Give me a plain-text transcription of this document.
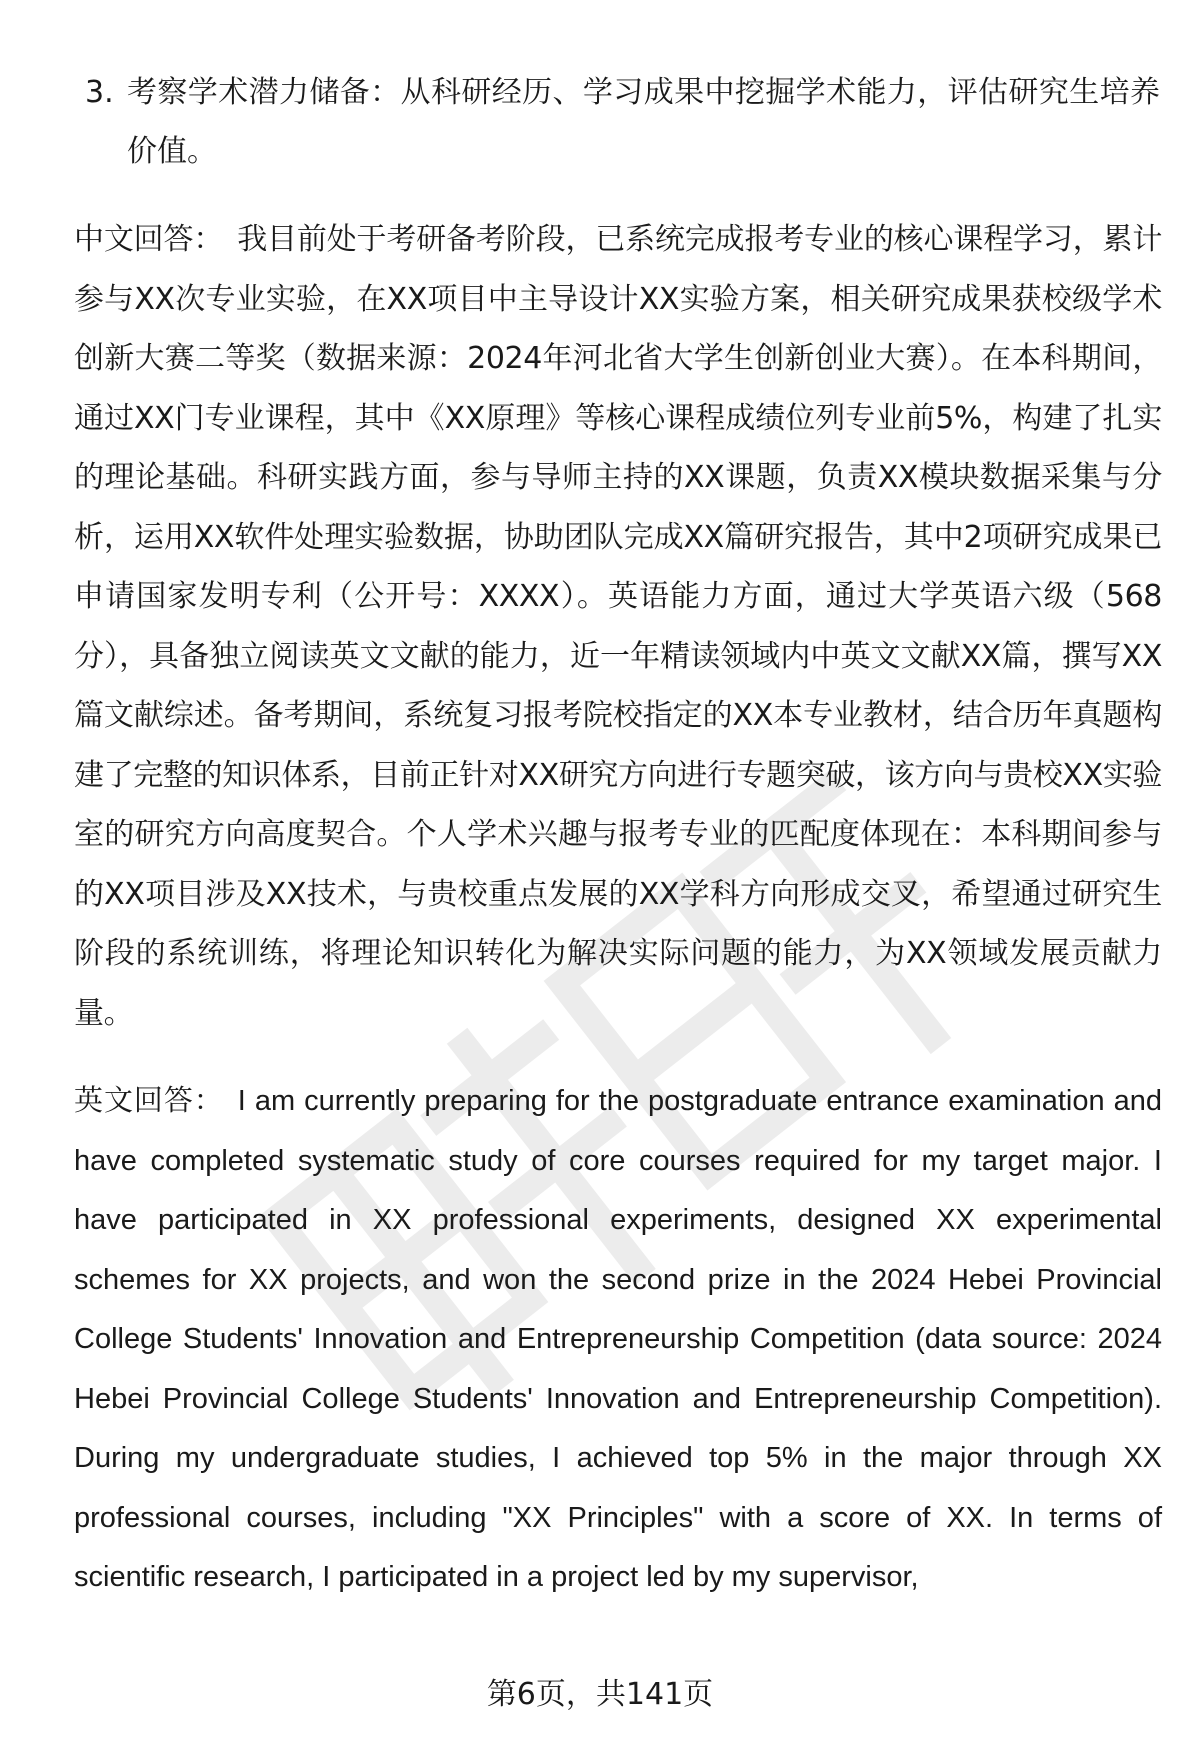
3. 考察学术潜力储备：从科研经历、学习成果中挖掘学术能力，评估研究生培养价值。

中文回答： 我目前处于考研备考阶段，已系统完成报考专业的核心课程学习，累计参与XX次专业实验，在XX项目中主导设计XX实验方案，相关研究成果获校级学术创新大赛二等奖（数据来源：2024年河北省大学生创新创业大赛）。在本科期间，通过XX门专业课程，其中《XX原理》等核心课程成绩位列专业前5%，构建了扎实的理论基础。科研实践方面，参与导师主持的XX课题，负责XX模块数据采集与分析，运用XX软件处理实验数据，协助团队完成XX篇研究报告，其中2项研究成果已申请国家发明专利（公开号：XXXX）。英语能力方面，通过大学英语六级（568分），具备独立阅读英文文献的能力，近一年精读领域内中英文文献XX篇，撰写XX篇文献综述。备考期间，系统复习报考院校指定的XX本专业教材，结合历年真题构建了完整的知识体系，目前正针对XX研究方向进行专题突破，该方向与贵校XX实验室的研究方向高度契合。个人学术兴趣与报考专业的匹配度体现在：本科期间参与的XX项目涉及XX技术，与贵校重点发展的XX学科方向形成交叉，希望通过研究生阶段的系统训练，将理论知识转化为解决实际问题的能力，为XX领域发展贡献力量。

英文回答： I am currently preparing for the postgraduate entrance examination and have completed systematic study of core courses required for my target major. I have participated in XX professional experiments, designed XX experimental schemes for XX projects, and won the second prize in the 2024 Hebei Provincial College Students' Innovation and Entrepreneurship Competition (data source: 2024 Hebei Provincial College Students' Innovation and Entrepreneurship Competition). During my undergraduate studies, I achieved top 5% in the major through XX professional courses, including "XX Principles" with a score of XX. In terms of scientific research, I participated in a project led by my supervisor,

第6页，共141页
